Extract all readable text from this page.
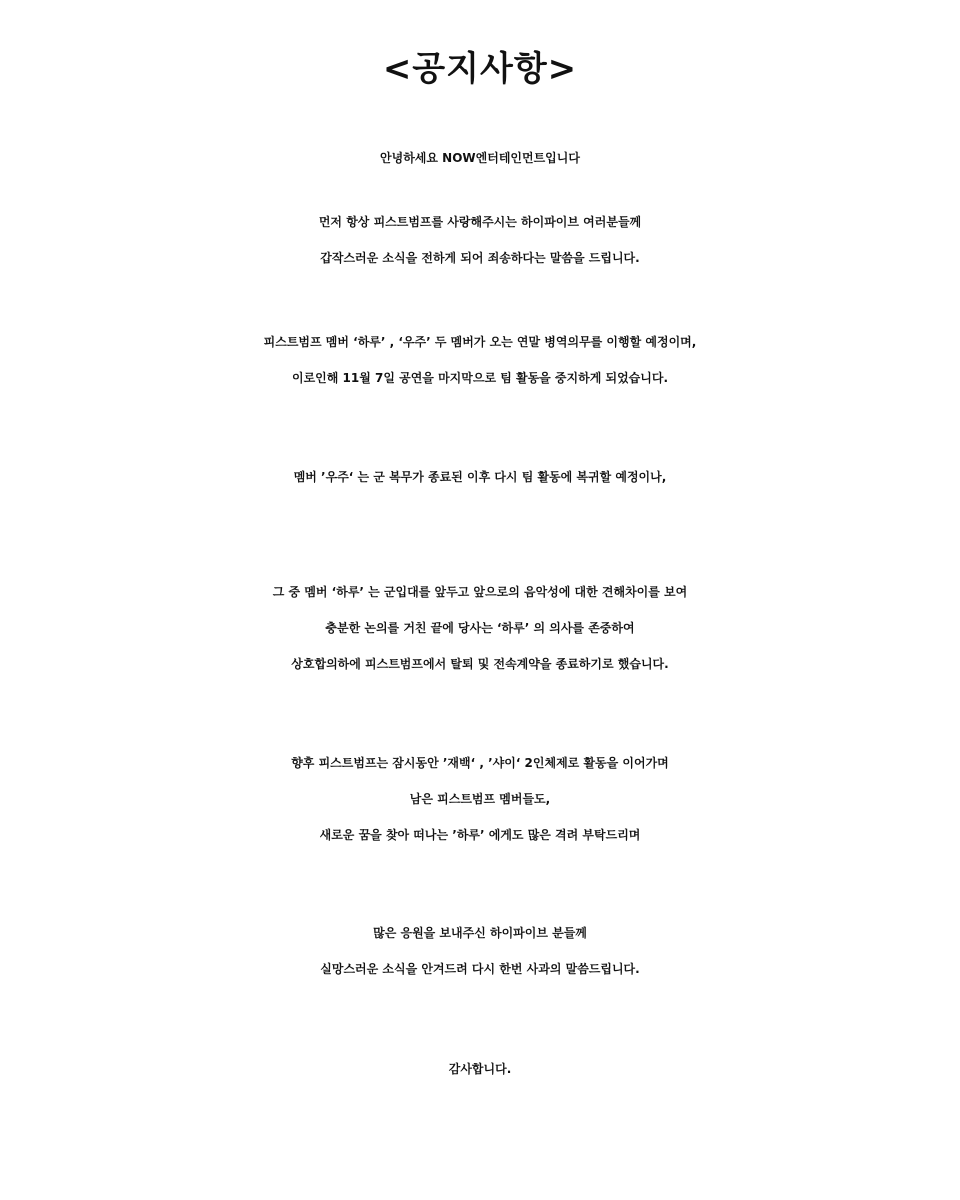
<공지사항>
안녕하세요 NOW엔터테인먼트입니다
먼저 항상 피스트범프를 사랑해주시는 하이파이브 여러분들께
갑작스러운 소식을 전하게 되어 죄송하다는 말씀을 드립니다.
피스트범프 멤버 ‘하루’ , ‘우주’ 두 멤버가 오는 연말 병역의무를 이행할 예정이며,
이로인해 11월 7일 공연을 마지막으로 팀 활동을 중지하게 되었습니다.
멤버 ’우주‘ 는 군 복무가 종료된 이후 다시 팀 활동에 복귀할 예정이나,
그 중 멤버 ‘하루’ 는 군입대를 앞두고 앞으로의 음악성에 대한 견해차이를 보여
충분한 논의를 거친 끝에 당사는 ‘하루’ 의 의사를 존중하여
상호합의하에 피스트범프에서 탈퇴 및 전속계약을 종료하기로 했습니다.
향후 피스트범프는 잠시동안 ’재백‘ , ’샤이‘ 2인체제로 활동을 이어가며
남은 피스트범프 멤버들도,
새로운 꿈을 찾아 떠나는 ’하루’ 에게도 많은 격려 부탁드리며
많은 응원을 보내주신 하이파이브 분들께
실망스러운 소식을 안겨드려 다시 한번 사과의 말씀드립니다.
감사합니다.
